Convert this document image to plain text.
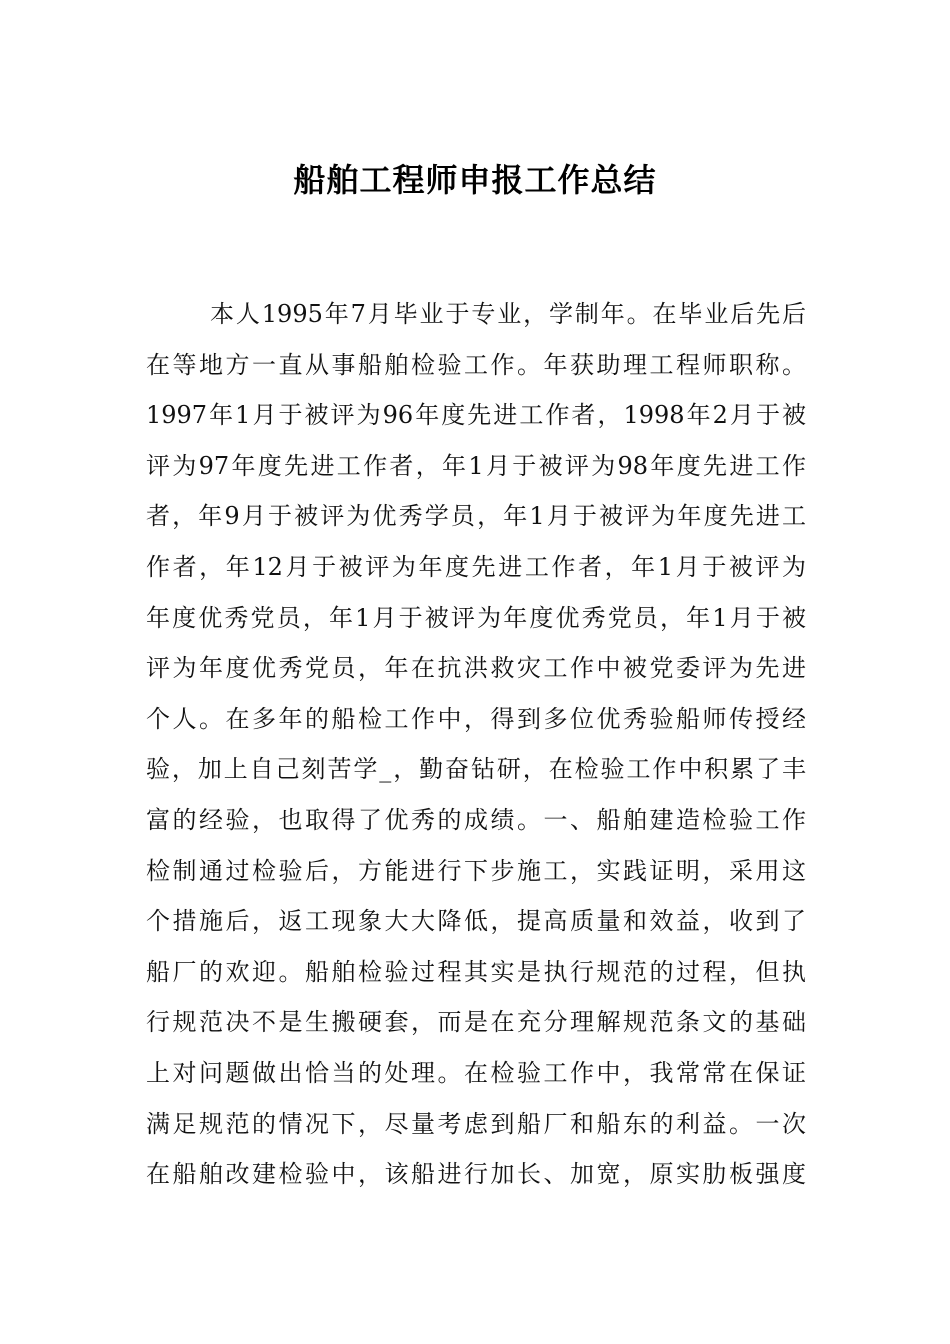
船舶工程师申报工作总结
本人1995年7月毕业于专业，学制年。在毕业后先后
在等地方一直从事船舶检验工作。年获助理工程师职称。
1997年1月于被评为96年度先进工作者，1998年2月于被
评为97年度先进工作者，年1月于被评为98年度先进工作
者，年9月于被评为优秀学员，年1月于被评为年度先进工
作者，年12月于被评为年度先进工作者，年1月于被评为
年度优秀党员，年1月于被评为年度优秀党员，年1月于被
评为年度优秀党员，年在抗洪救灾工作中被党委评为先进
个人。在多年的船检工作中，得到多位优秀验船师传授经
验，加上自己刻苦学_，勤奋钻研，在检验工作中积累了丰
富的经验，也取得了优秀的成绩。一、船舶建造检验工作
检制通过检验后，方能进行下步施工，实践证明，采用这
个措施后，返工现象大大降低，提高质量和效益，收到了
船厂的欢迎。船舶检验过程其实是执行规范的过程，但执
行规范决不是生搬硬套，而是在充分理解规范条文的基础
上对问题做出恰当的处理。在检验工作中，我常常在保证
满足规范的情况下，尽量考虑到船厂和船东的利益。一次
在船舶改建检验中，该船进行加长、加宽，原实肋板强度
